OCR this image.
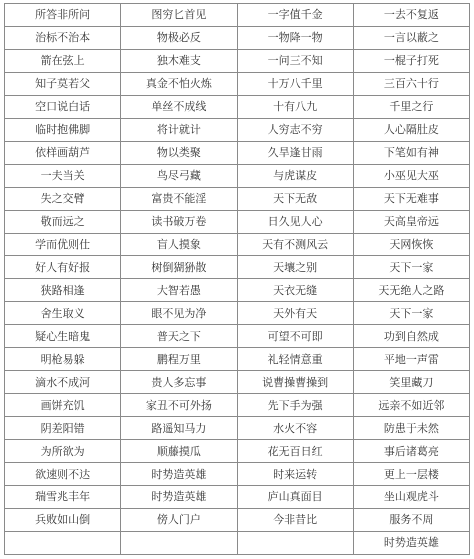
所答非所问	图穷匕首见	一字值千金	一去不复返
治标不治本	物极必反	一物降一物	一言以蔽之
箭在弦上	独木难支	一问三不知	一棍子打死
知子莫若父	真金不怕火炼	十万八千里	三百六十行
空口说白话	单丝不成线	十有八九	千里之行
临时抱佛脚	将计就计	人穷志不穷	人心隔肚皮
依样画葫芦	物以类聚	久旱逢甘雨	下笔如有神
一夫当关	鸟尽弓藏	与虎谋皮	小巫见大巫
失之交臂	富贵不能淫	天下无敌	天下无难事
敬而远之	读书破万卷	日久见人心	天高皇帝远
学而优则仕	盲人摸象	天有不测风云	天网恢恢
好人有好报	树倒猢狲散	天壤之别	天下一家
狭路相逢	大智若愚	天衣无缝	天无绝人之路
舍生取义	眼不见为净	天外有天	天下一家
疑心生暗鬼	普天之下	可望不可即	功到自然成
明枪易躲	鹏程万里	礼轻情意重	平地一声雷
滴水不成河	贵人多忘事	说曹操曹操到	笑里藏刀
画饼充饥	家丑不可外扬	先下手为强	远亲不如近邻
阴差阳错	路遥知马力	水火不容	防患于未然
为所欲为	顺藤摸瓜	花无百日红	事后诸葛亮
欲速则不达	时势造英雄	时来运转	更上一层楼
瑞雪兆丰年	时势造英雄	庐山真面目	坐山观虎斗
兵败如山倒	傍人门户	今非昔比	服务不周
			时势造英雄
